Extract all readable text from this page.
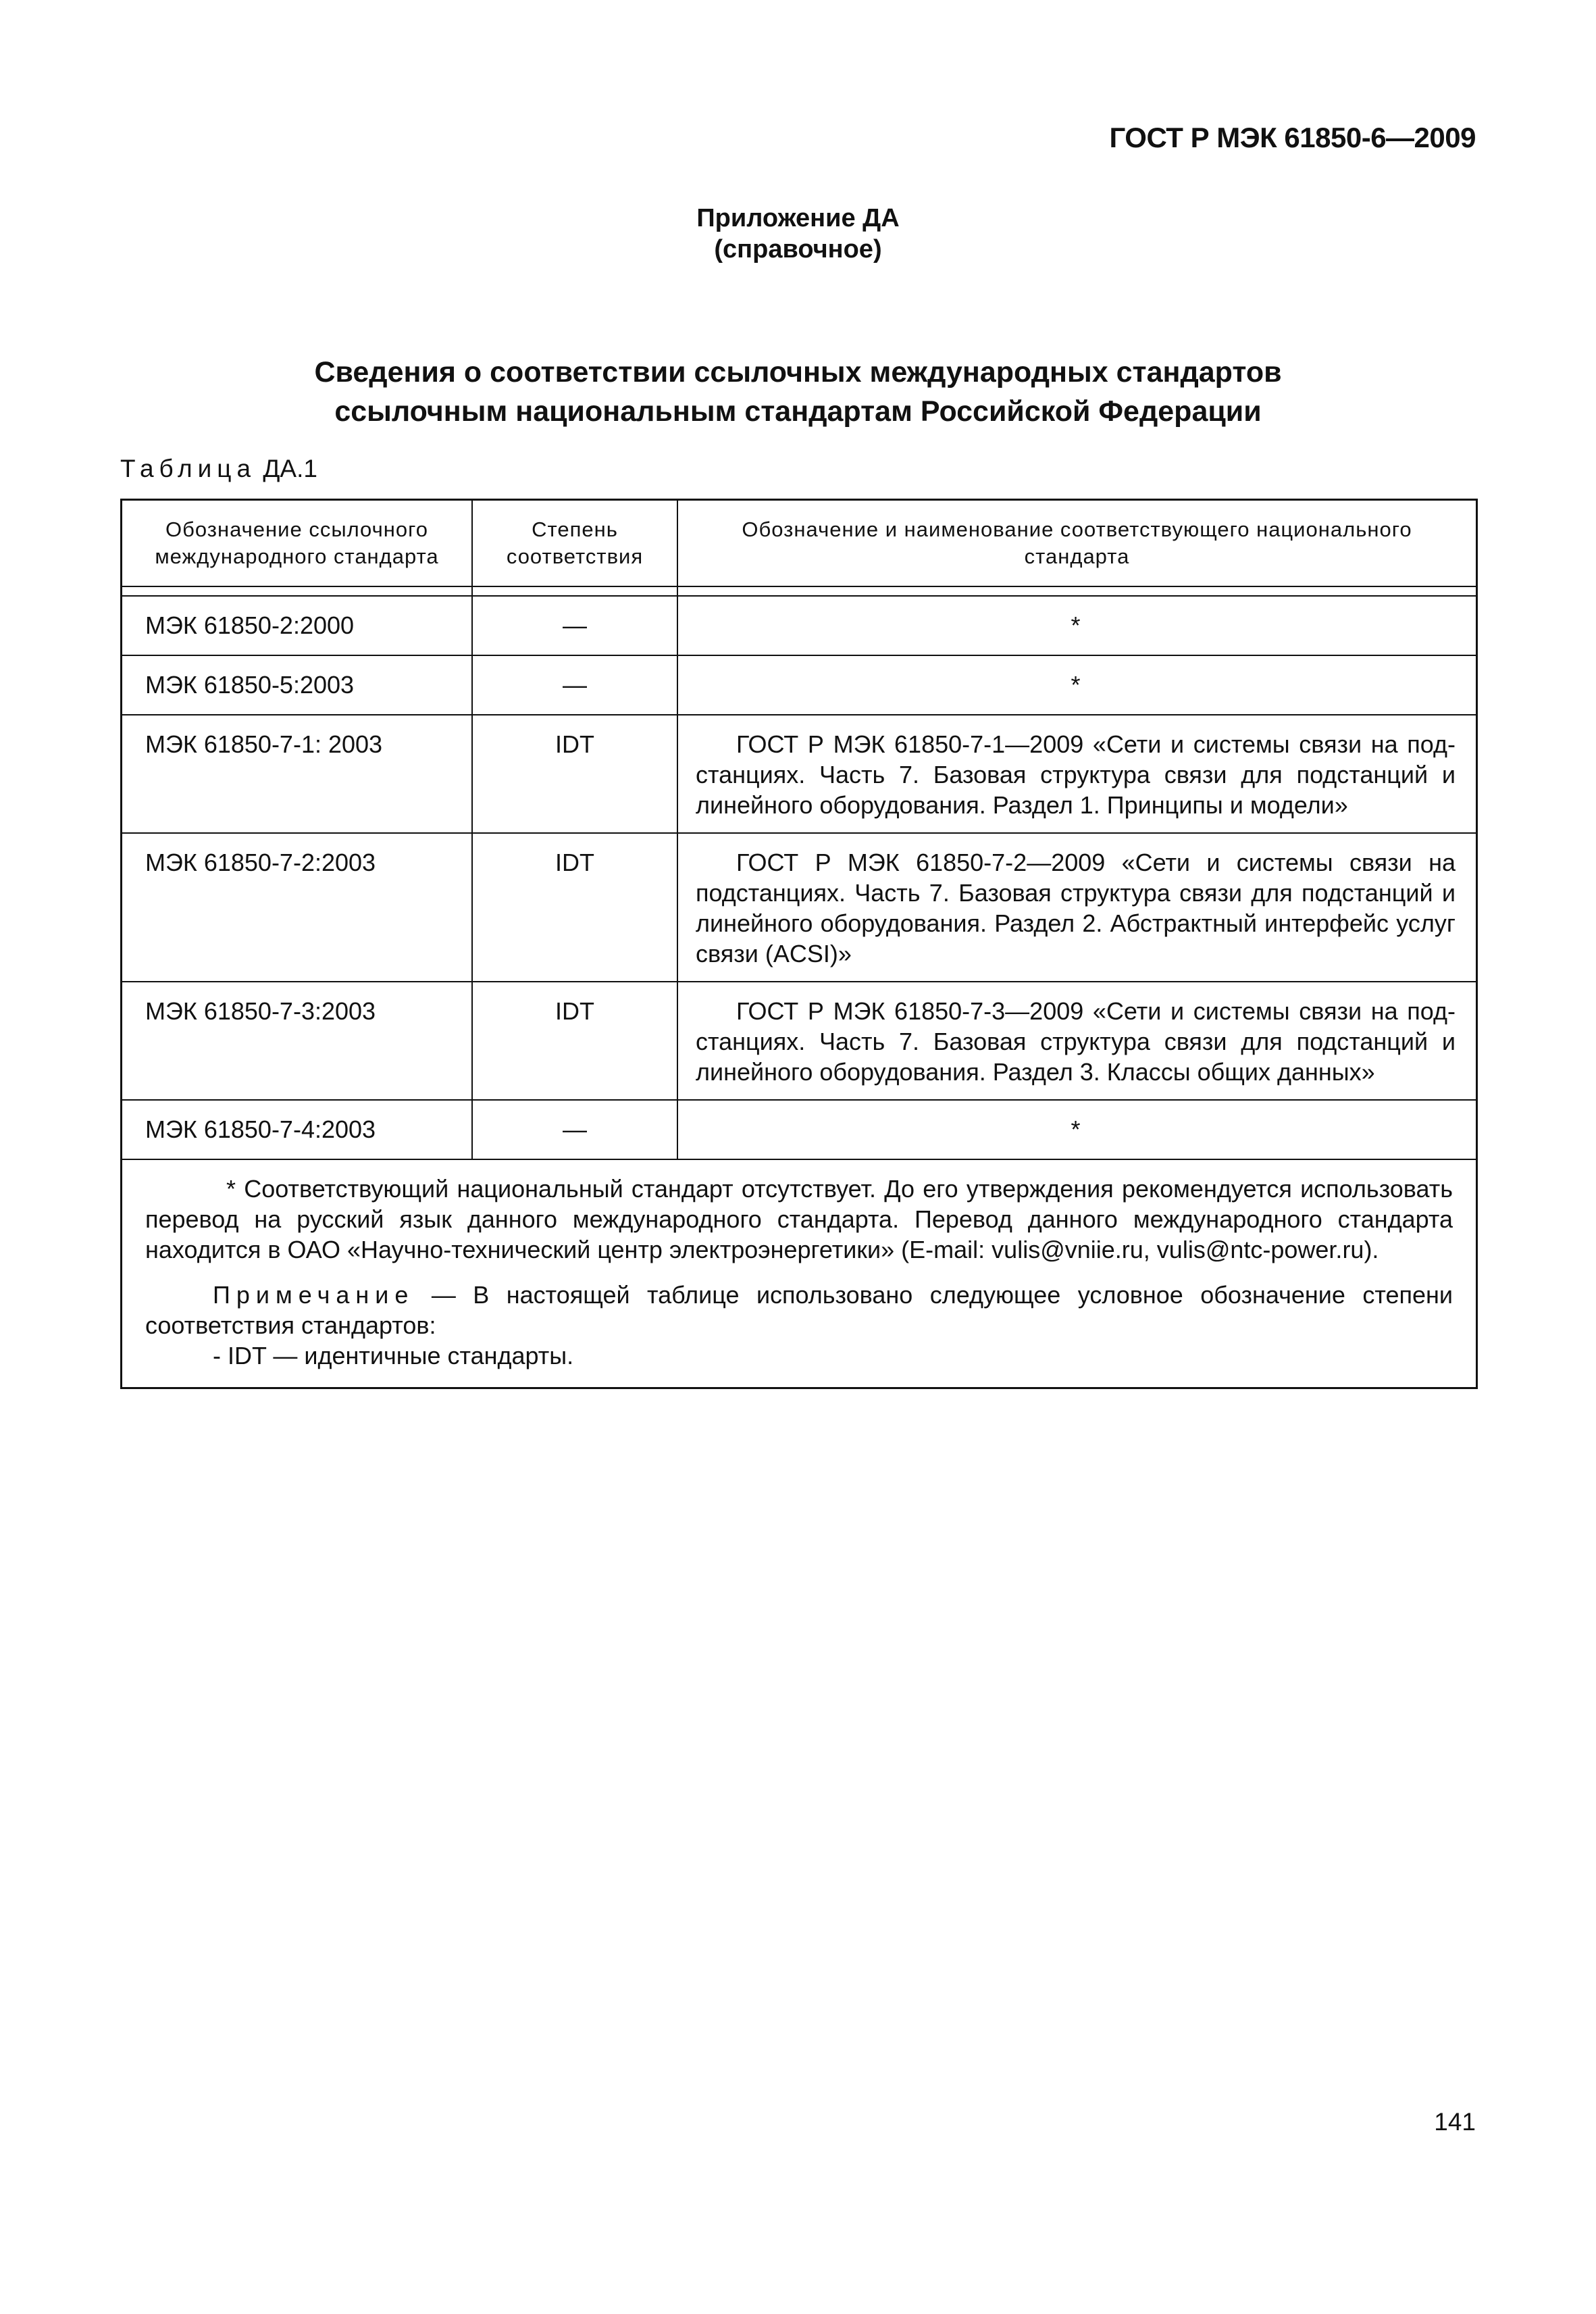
ГОСТ Р МЭК 61850-6—2009
Приложение ДА
(справочное)
Сведения о соответствии ссылочных международных стандартов
ссылочным национальным стандартам Российской Федерации
Таблица ДА.1
Обозначение ссылочного международного стандарта	Степень соответствия	Обозначение и наименование соответствующего национального стандарта

МЭК 61850-2:2000	—	*
МЭК 61850-5:2003	—	*
МЭК 61850-7-1: 2003	IDT	ГОСТ Р МЭК 61850-7-1—2009 «Сети и системы связи на под-станциях. Часть 7. Базовая структура связи для подстанций и линейного оборудования. Раздел 1. Принципы и модели»
МЭК 61850-7-2:2003	IDT	ГОСТ Р МЭК 61850-7-2—2009 «Сети и системы связи на подстанциях. Часть 7. Базовая структура связи для подстанций и линейного оборудования. Раздел 2. Абстрактный интерфейс услуг связи (ACSI)»
МЭК 61850-7-3:2003	IDT	ГОСТ Р МЭК 61850-7-3—2009 «Сети и системы связи на под-станциях. Часть 7. Базовая структура связи для подстанций и линейного оборудования. Раздел 3. Классы общих данных»
МЭК 61850-7-4:2003	—	*

* Соответствующий национальный стандарт отсутствует. До его утверждения рекомендуется использовать перевод на русский язык данного международного стандарта. Перевод данного международного стандарта находится в ОАО «Научно-технический центр электроэнергетики» (E-mail: vulis@vniie.ru, vulis@ntc-power.ru).

Примечание — В настоящей таблице использовано следующее условное обозначение степени соответствия стандартов:

- IDT — идентичные стандарты.		

141
